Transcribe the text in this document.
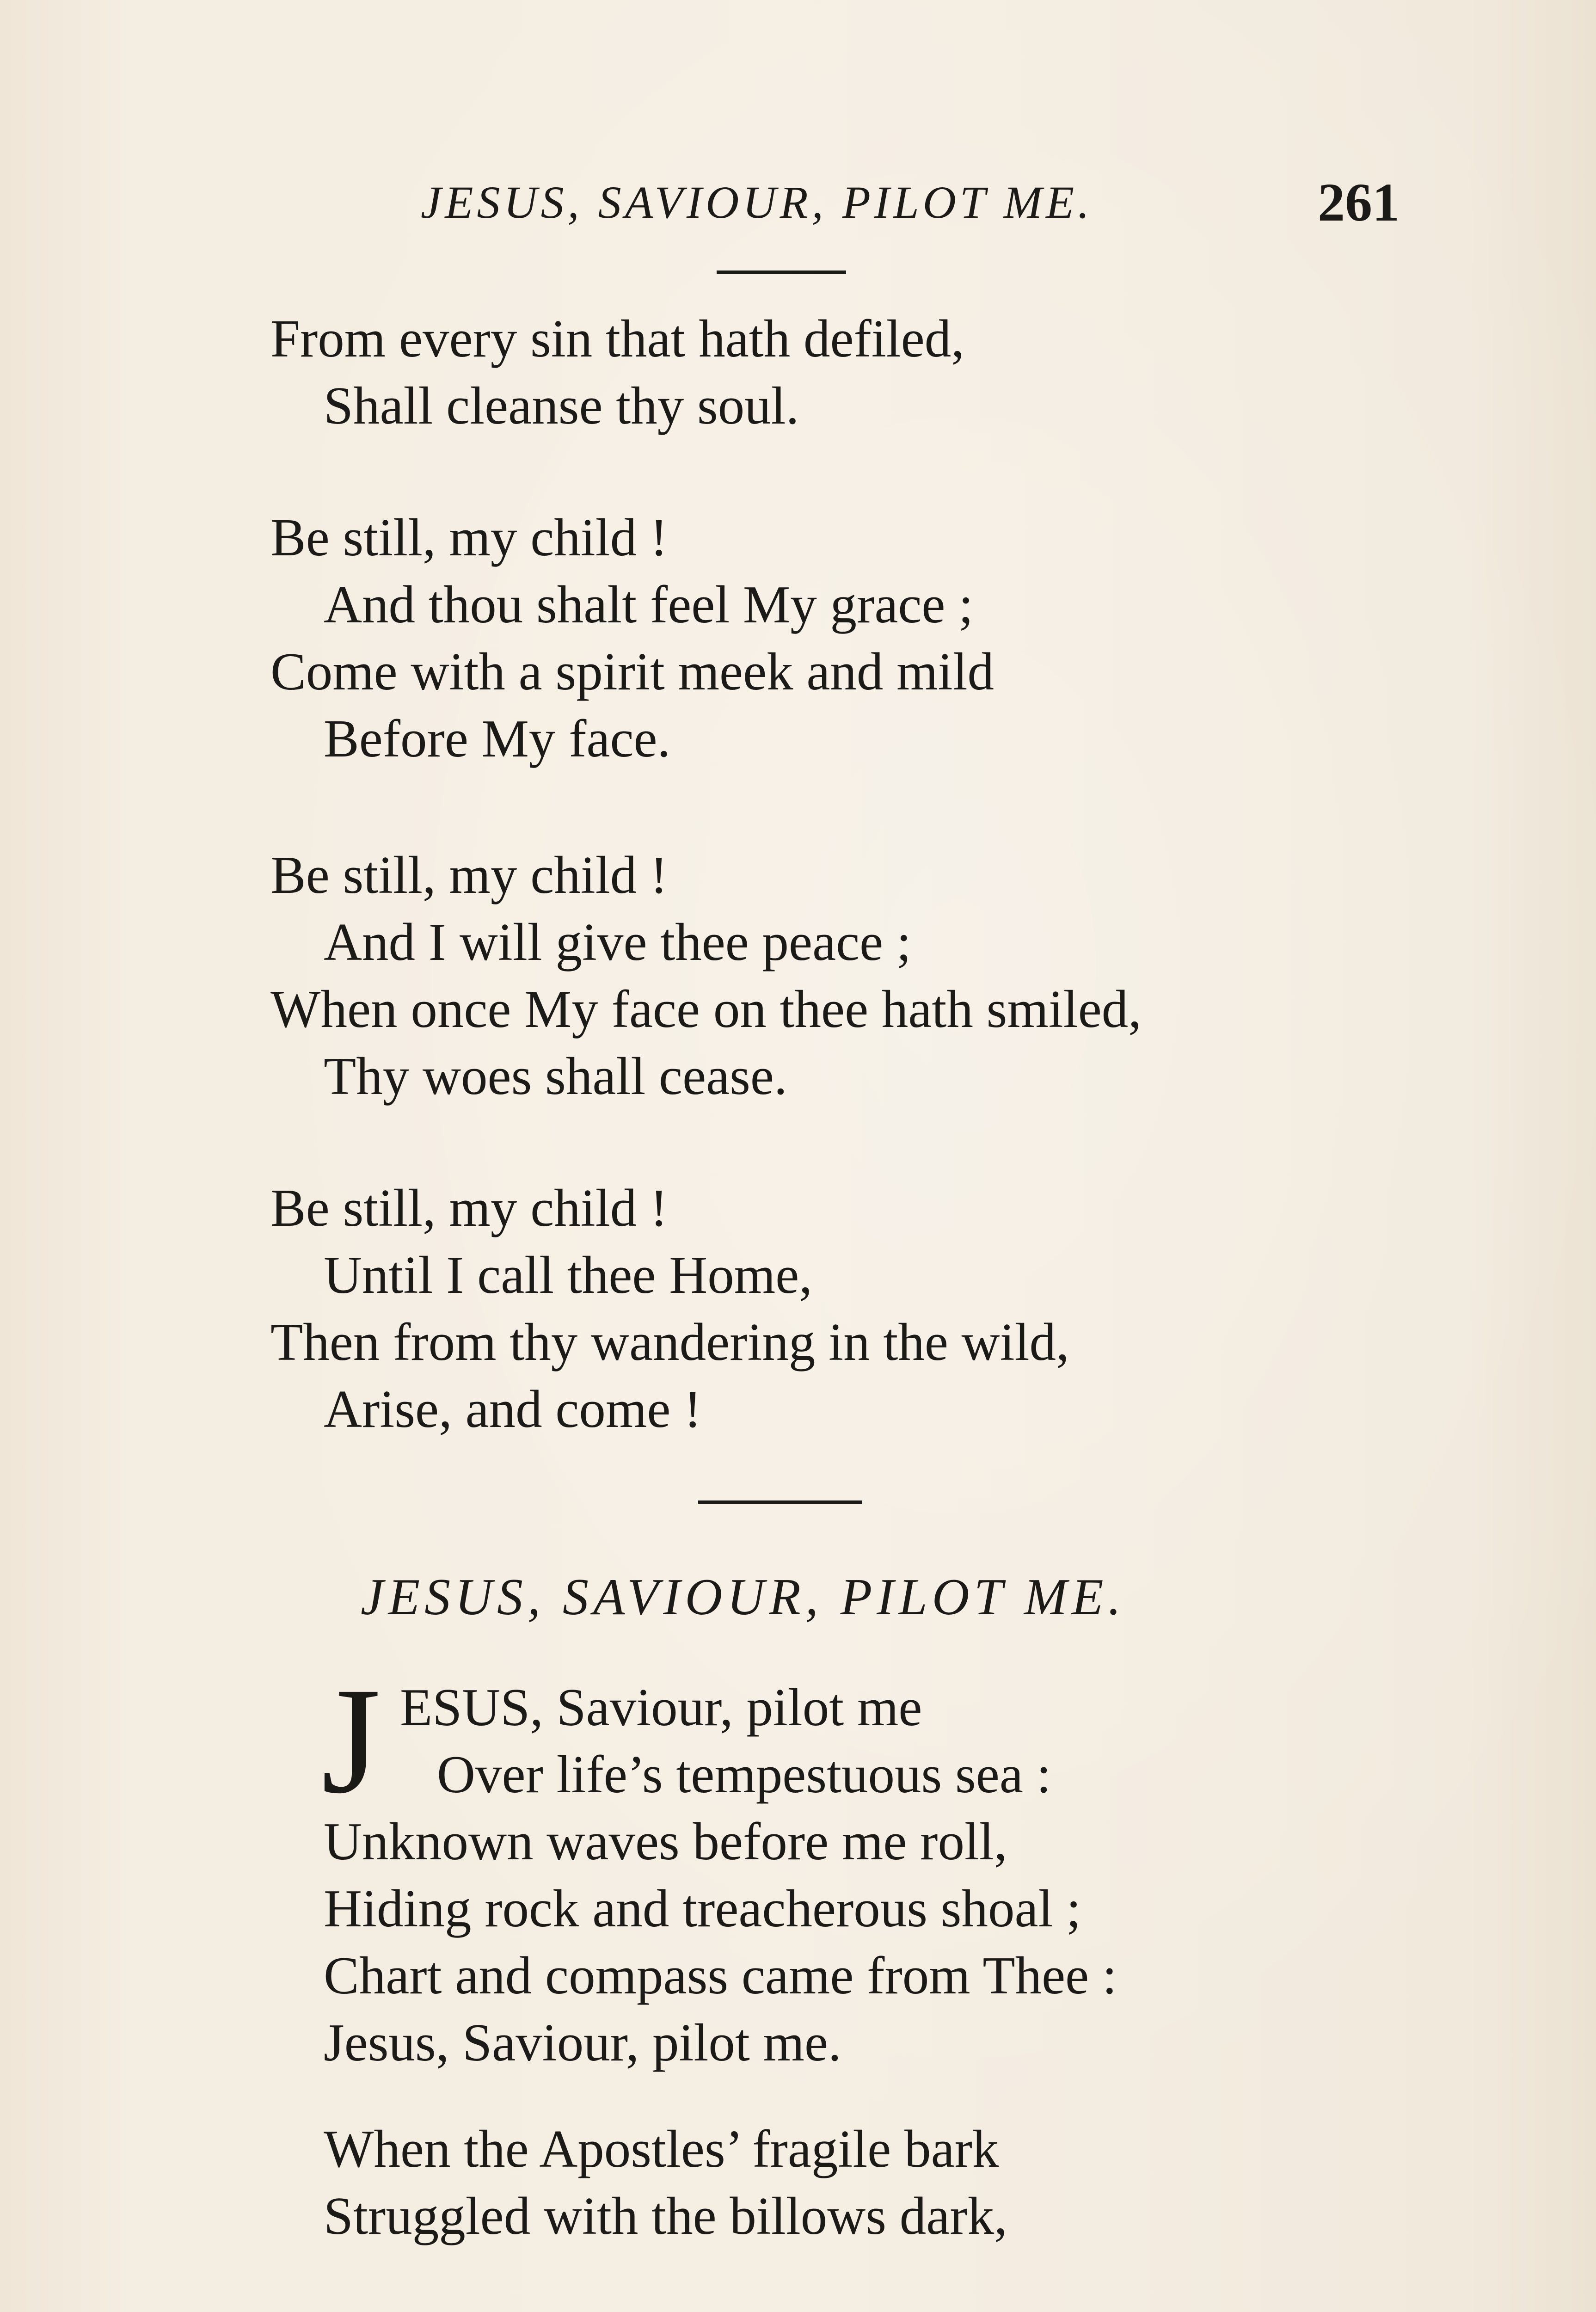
JESUS, SAVIOUR, PILOT ME.	261
From every sin that hath defiled,
Shall cleanse thy soul.
Be still, my child !
And thou shalt feel My grace ;
Come with a spirit meek and mild
Before My face.
Be still, my child !
And I will give thee peace ;
When once My face on thee hath smiled,
Thy woes shall cease.
Be still, my child !
Until I call thee Home,
Then from thy wandering in the wild,
Arise, and come !
JESUS, SAVIOUR, PILOT ME.
J ESUS, Saviour, pilot me
Over life’s tempestuous sea :
Unknown waves before me roll,
Hiding rock and treacherous shoal ;
Chart and compass came from Thee :
Jesus, Saviour, pilot me.
When the Apostles’ fragile bark
Struggled with the billows dark,
